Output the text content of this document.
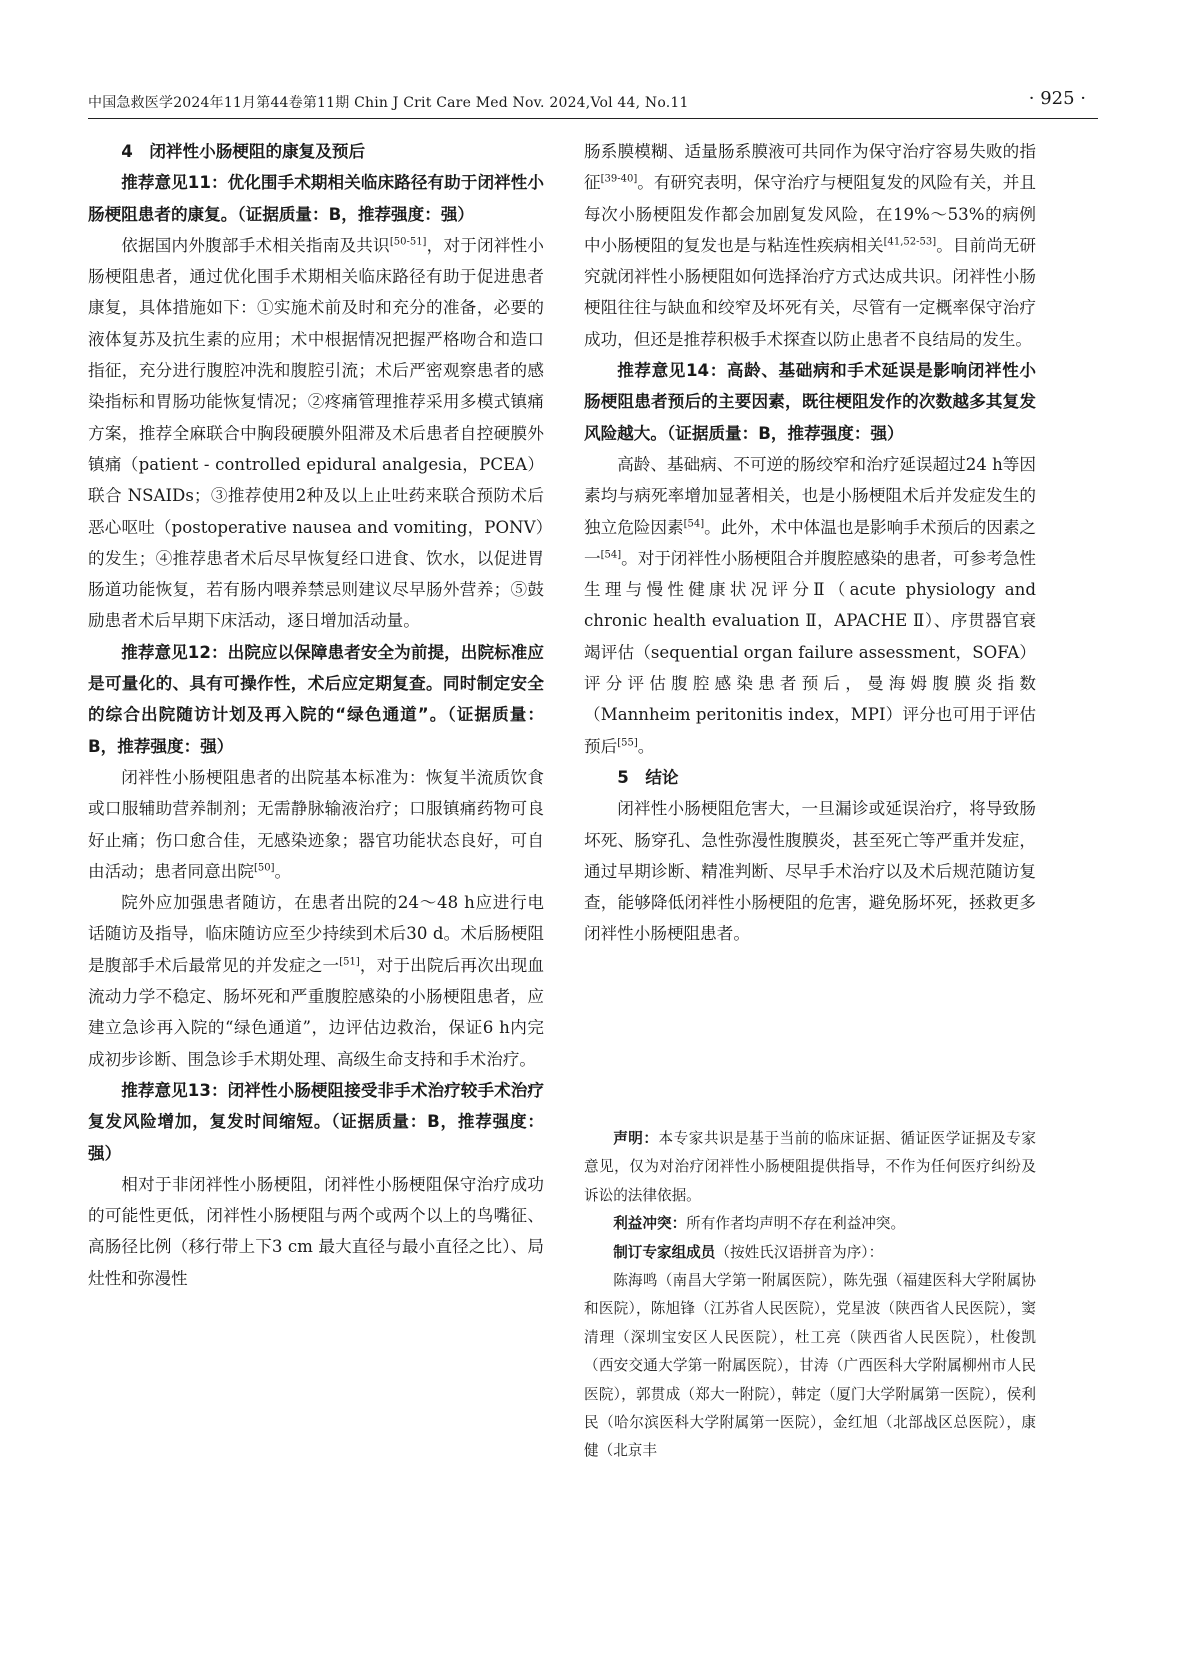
中国急救医学2024年11月第44卷第11期 Chin J Crit Care Med Nov. 2024,Vol 44, No.11	· 925 ·

4　闭袢性小肠梗阻的康复及预后

推荐意见11：优化围手术期相关临床路径有助于闭袢性小肠梗阻患者的康复。（证据质量：B，推荐强度：强）

依据国内外腹部手术相关指南及共识[50-51]，对于闭袢性小肠梗阻患者，通过优化围手术期相关临床路径有助于促进患者康复，具体措施如下：①实施术前及时和充分的准备，必要的液体复苏及抗生素的应用；术中根据情况把握严格吻合和造口指征，充分进行腹腔冲洗和腹腔引流；术后严密观察患者的感染指标和胃肠功能恢复情况；②疼痛管理推荐采用多模式镇痛方案，推荐全麻联合中胸段硬膜外阻滞及术后患者自控硬膜外镇痛（patient - controlled epidural analgesia，PCEA）联合 NSAIDs；③推荐使用2种及以上止吐药来联合预防术后恶心呕吐（postoperative nausea and vomiting，PONV）的发生；④推荐患者术后尽早恢复经口进食、饮水，以促进胃肠道功能恢复，若有肠内喂养禁忌则建议尽早肠外营养；⑤鼓励患者术后早期下床活动，逐日增加活动量。

推荐意见12：出院应以保障患者安全为前提，出院标准应是可量化的、具有可操作性，术后应定期复查。同时制定安全的综合出院随访计划及再入院的“绿色通道”。（证据质量：B，推荐强度：强）

闭袢性小肠梗阻患者的出院基本标准为：恢复半流质饮食或口服辅助营养制剂；无需静脉输液治疗；口服镇痛药物可良好止痛；伤口愈合佳，无感染迹象；器官功能状态良好，可自由活动；患者同意出院[50]。

院外应加强患者随访，在患者出院的24～48 h应进行电话随访及指导，临床随访应至少持续到术后30 d。术后肠梗阻是腹部手术后最常见的并发症之一[51]，对于出院后再次出现血流动力学不稳定、肠坏死和严重腹腔感染的小肠梗阻患者，应建立急诊再入院的“绿色通道”，边评估边救治，保证6 h内完成初步诊断、围急诊手术期处理、高级生命支持和手术治疗。

推荐意见13：闭袢性小肠梗阻接受非手术治疗较手术治疗复发风险增加，复发时间缩短。（证据质量：B，推荐强度：强）

相对于非闭袢性小肠梗阻，闭袢性小肠梗阻保守治疗成功的可能性更低，闭袢性小肠梗阻与两个或两个以上的鸟嘴征、高肠径比例（移行带上下3 cm 最大直径与最小直径之比）、局灶性和弥漫性

肠系膜模糊、适量肠系膜液可共同作为保守治疗容易失败的指征[39-40]。有研究表明，保守治疗与梗阻复发的风险有关，并且每次小肠梗阻发作都会加剧复发风险，在19%～53%的病例中小肠梗阻的复发也是与粘连性疾病相关[41,52-53]。目前尚无研究就闭袢性小肠梗阻如何选择治疗方式达成共识。闭袢性小肠梗阻往往与缺血和绞窄及坏死有关，尽管有一定概率保守治疗成功，但还是推荐积极手术探查以防止患者不良结局的发生。

推荐意见14：高龄、基础病和手术延误是影响闭袢性小肠梗阻患者预后的主要因素，既往梗阻发作的次数越多其复发风险越大。（证据质量：B，推荐强度：强）

高龄、基础病、不可逆的肠绞窄和治疗延误超过24 h等因素均与病死率增加显著相关，也是小肠梗阻术后并发症发生的独立危险因素[54]。此外，术中体温也是影响手术预后的因素之一[54]。对于闭袢性小肠梗阻合并腹腔感染的患者，可参考急性生理与慢性健康状况评分Ⅱ（acute physiology and chronic health evaluation Ⅱ，APACHE Ⅱ）、序贯器官衰竭评估（sequential organ failure assessment，SOFA）评分评估腹腔感染患者预后，曼海姆腹膜炎指数（Mannheim peritonitis index，MPI）评分也可用于评估预后[55]。

5　结论

闭袢性小肠梗阻危害大，一旦漏诊或延误治疗，将导致肠坏死、肠穿孔、急性弥漫性腹膜炎，甚至死亡等严重并发症，通过早期诊断、精准判断、尽早手术治疗以及术后规范随访复查，能够降低闭袢性小肠梗阻的危害，避免肠坏死，拯救更多闭袢性小肠梗阻患者。

声明：本专家共识是基于当前的临床证据、循证医学证据及专家意见，仅为对治疗闭袢性小肠梗阻提供指导，不作为任何医疗纠纷及诉讼的法律依据。

利益冲突：所有作者均声明不存在利益冲突。

制订专家组成员（按姓氏汉语拼音为序）：

陈海鸣（南昌大学第一附属医院），陈先强（福建医科大学附属协和医院），陈旭锋（江苏省人民医院），党星波（陕西省人民医院），窦清理（深圳宝安区人民医院），杜工亮（陕西省人民医院），杜俊凯（西安交通大学第一附属医院），甘涛（广西医科大学附属柳州市人民医院），郭贯成（郑大一附院），韩定（厦门大学附属第一医院），侯利民（哈尔滨医科大学附属第一医院），金红旭（北部战区总医院），康健（北京丰
